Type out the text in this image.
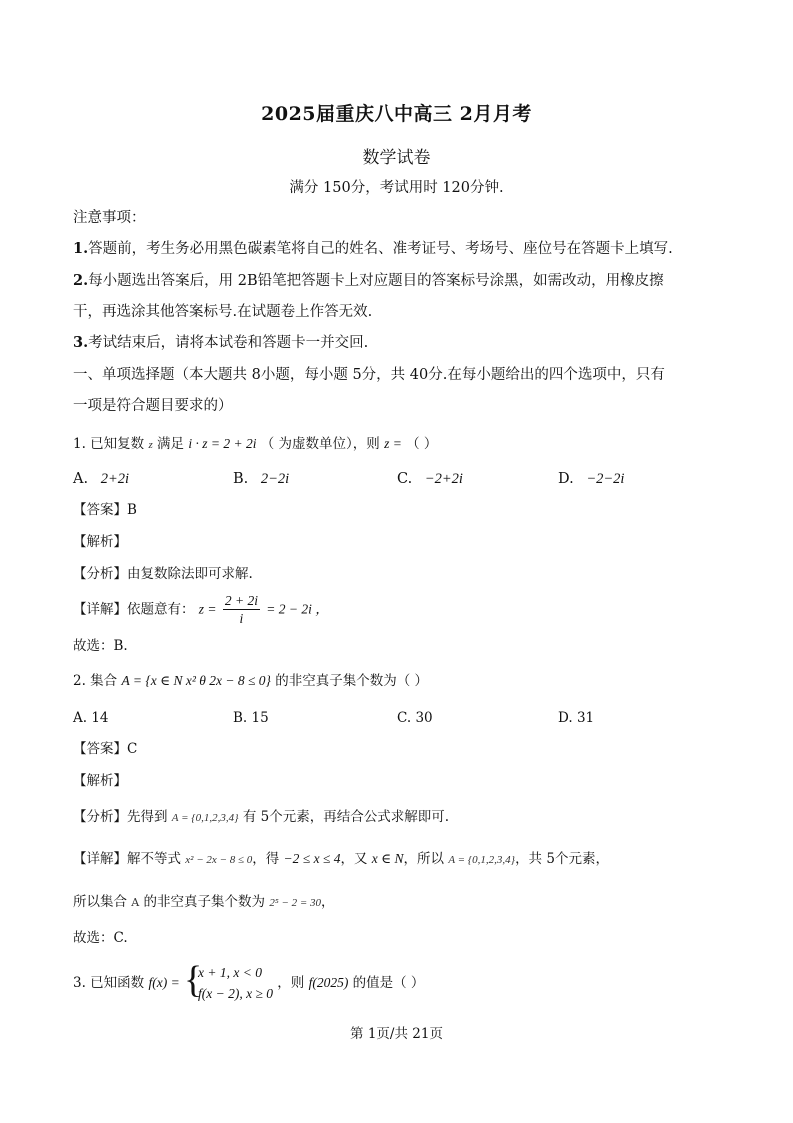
2025届重庆八中高三 2月月考
数学试卷
满分 150分，考试用时 120分钟.
注意事项：
1.答题前，考生务必用黑色碳素笔将自己的姓名、准考证号、考场号、座位号在答题卡上填写.
2.每小题选出答案后，用 2B铅笔把答题卡上对应题目的答案标号涂黑，如需改动，用橡皮擦
干，再选涂其他答案标号.在试题卷上作答无效.
3.考试结束后，请将本试卷和答题卡一并交回.
一、单项选择题（本大题共 8小题，每小题 5分，共 40分.在每小题给出的四个选项中，只有
一项是符合题目要求的）
1. 已知复数 z 满足 i · z = 2 + 2i （ 为虚数单位），则 z = （ ）
A. 2+2i	B. 2−2i	C. −2+2i	D. −2−2i
【答案】B
【解析】
【分析】由复数除法即可求解.
【详解】依题意有： $z = \frac{2 + 2i}{i} = 2 - 2i$ ，
故选：B.
2. 集合 A = {x ∈ N x² θ 2x − 8 ≤ 0} 的非空真子集个数为（ ）
A. 14	B. 15	C. 30	D. 31
【答案】C
【解析】
【分析】先得到 A = {0,1,2,3,4} 有 5个元素，再结合公式求解即可.
【详解】解不等式 x² − 2x − 8 ≤ 0，得 −2 ≤ x ≤ 4，又 x ∈ N，所以 A = {0,1,2,3,4}，共 5个元素，
所以集合 A 的非空真子集个数为 2⁵ − 2 = 30，
故选：C.
3. 已知函数 f(x) = {
x + 1, x < 0
f(x − 2), x ≥ 0
，则 f(2025) 的值是（ ）
第 1页/共 21页
